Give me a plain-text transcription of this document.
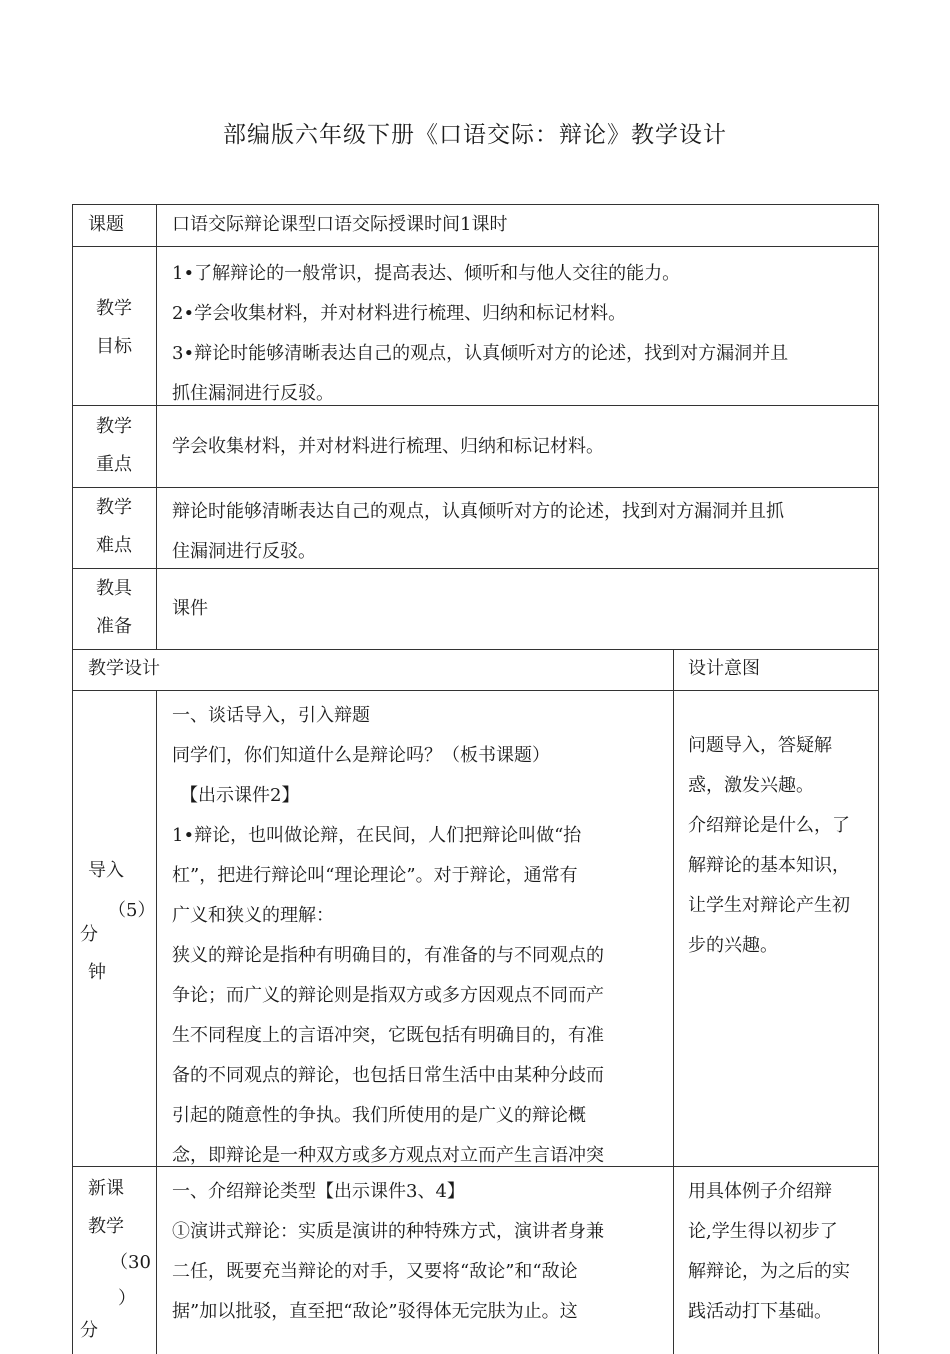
部编版六年级下册《口语交际：辩论》教学设计
课题	口语交际辩论课型口语交际授课时间1课时
教学
目标

1•了解辩论的一般常识，提高表达、倾听和与他人交往的能力。

2•学会收集材料，并对材料进行梳理、归纳和标记材料。

3•辩论时能够清晰表达自己的观点，认真倾听对方的论述，找到对方漏洞并且

抓住漏洞进行反驳。

教学
重点
学会收集材料，并对材料进行梳理、归纳和标记材料。
教学
难点

辩论时能够清晰表达自己的观点，认真倾听对方的论述，找到对方漏洞并且抓

住漏洞进行反驳。

教具
准备
课件
教学设计	设计意图
导入
（5）
分
钟

一、谈话导入，引入辩题

同学们，你们知道什么是辩论吗？（板书课题）

【出示课件2】

1•辩论，也叫做论辩，在民间，人们把辩论叫做“抬

杠”，把进行辩论叫“理论理论”。对于辩论，通常有

广义和狭义的理解：

狭义的辩论是指种有明确目的，有准备的与不同观点的

争论；而广义的辩论则是指双方或多方因观点不同而产

生不同程度上的言语冲突，它既包括有明确目的，有准

备的不同观点的辩论，也包括日常生活中由某种分歧而

引起的随意性的争执。我们所使用的是广义的辩论概

念，即辩论是一种双方或多方观点对立而产生言语冲突

问题导入，答疑解

惑，激发兴趣。

介绍辩论是什么，了

解辩论的基本知识，

让学生对辩论产生初

步的兴趣。

新课
教学
（30
）
分

一、介绍辩论类型【出示课件3、4】

①演讲式辩论：实质是演讲的种特殊方式，演讲者身兼

二任，既要充当辩论的对手，又要将“敌论”和“敌论

据”加以批驳，直至把“敌论”驳得体无完肤为止。这

用具体例子介绍辩

论,学生得以初步了

解辩论，为之后的实

践活动打下基础。
